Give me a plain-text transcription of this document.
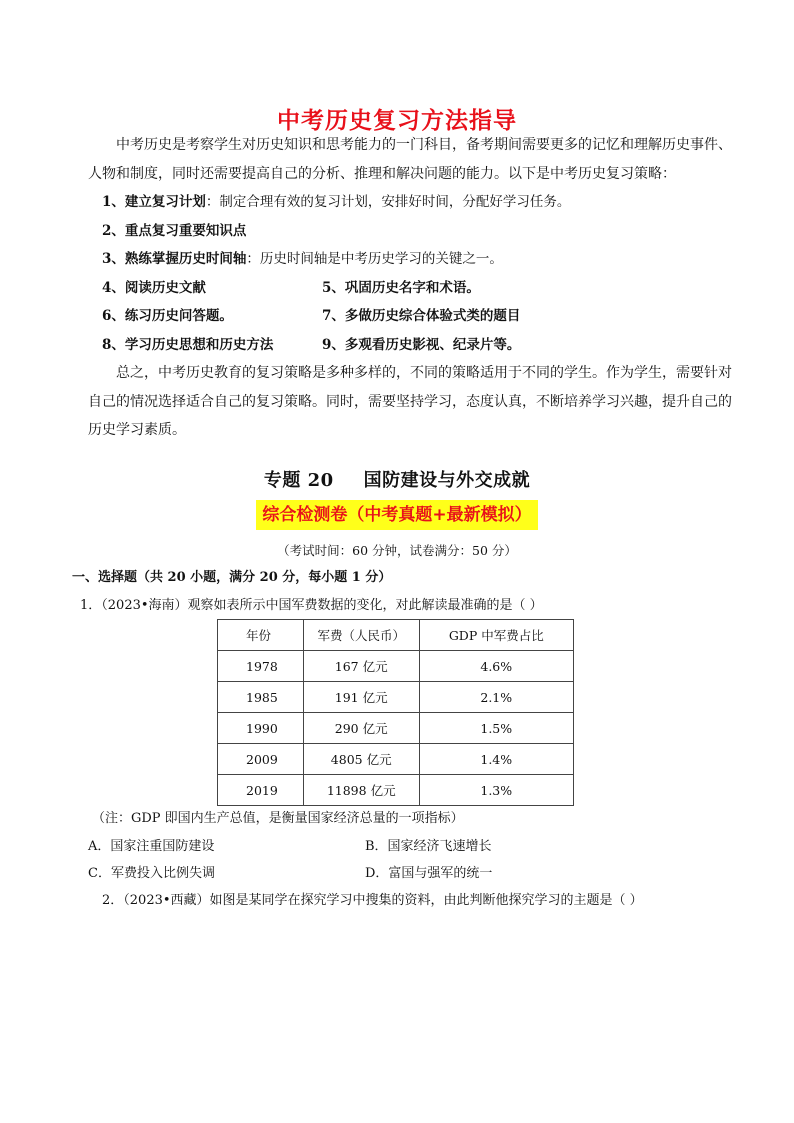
中考历史复习方法指导
中考历史是考察学生对历史知识和思考能力的一门科目，备考期间需要更多的记忆和理解历史事件、人物和制度，同时还需要提高自己的分析、推理和解决问题的能力。以下是中考历史复习策略：
1、建立复习计划：制定合理有效的复习计划，安排好时间，分配好学习任务。
2、重点复习重要知识点
3、熟练掌握历史时间轴：历史时间轴是中考历史学习的关键之一。
4、阅读历史文献	5、巩固历史名字和术语。
6、练习历史问答题。	7、多做历史综合体验式类的题目
8、学习历史思想和历史方法	9、多观看历史影视、纪录片等。
总之，中考历史教育的复习策略是多种多样的，不同的策略适用于不同的学生。作为学生，需要针对自己的情况选择适合自己的复习策略。同时，需要坚持学习，态度认真，不断培养学习兴趣，提升自己的历史学习素质。
专题 20 国防建设与外交成就
综合检测卷（中考真题+最新模拟）
（考试时间：60 分钟，试卷满分：50 分）
一、选择题（共 20 小题，满分 20 分，每小题 1 分）
1．（2023•海南）观察如表所示中国军费数据的变化，对此解读最准确的是（ ）
年份	军费（人民币）	GDP 中军费占比
1978	167 亿元	4.6%
1985	191 亿元	2.1%
1990	290 亿元	1.5%
2009	4805 亿元	1.4%
2019	11898 亿元	1.3%
（注：GDP 即国内生产总值，是衡量国家经济总量的一项指标）
A．国家注重国防建设	B．国家经济飞速增长
C．军费投入比例失调	D．富国与强军的统一
2．（2023•西藏）如图是某同学在探究学习中搜集的资料，由此判断他探究学习的主题是（ ）
